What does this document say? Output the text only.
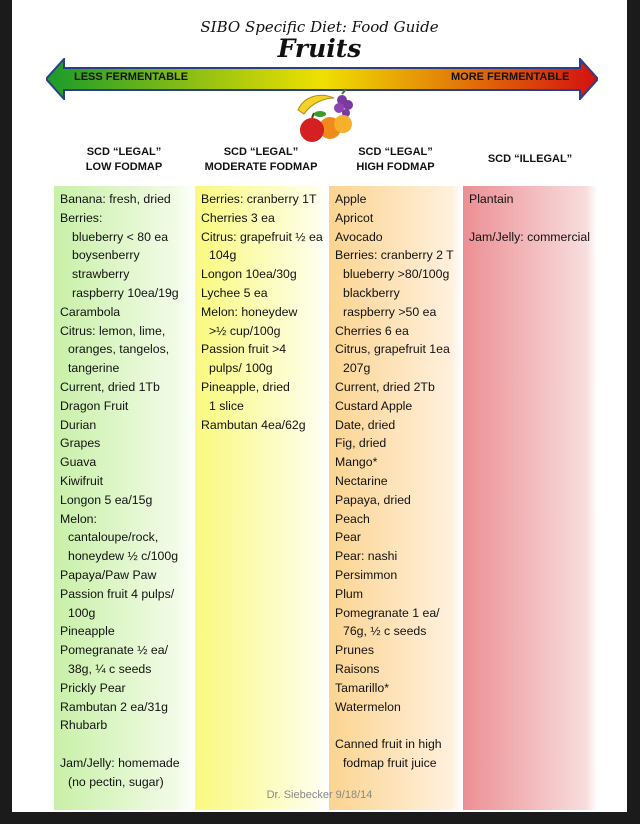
SIBO Specific Diet: Food Guide
Fruits
LESS FERMENTABLE	MORE FERMENTABLE
SCD “LEGAL”
LOW FODMAP
SCD “LEGAL”
MODERATE FODMAP
SCD “LEGAL”
HIGH FODMAP
SCD “ILLEGAL”
Banana: fresh, dried
Berries:
blueberry < 80 ea
boysenberry
strawberry
raspberry 10ea/19g
Carambola
Citrus: lemon, lime,
oranges, tangelos,
tangerine
Current, dried 1Tb
Dragon Fruit
Durian
Grapes
Guava
Kiwifruit
Longon 5 ea/15g
Melon:
cantaloupe/rock,
honeydew ½ c/100g
Papaya/Paw Paw
Passion fruit 4 pulps/
100g
Pineapple
Pomegranate ½ ea/
38g, ¼ c seeds
Prickly Pear
Rambutan 2 ea/31g
Rhubarb
Jam/Jelly: homemade
(no pectin, sugar)
Berries: cranberry 1T
Cherries 3 ea
Citrus: grapefruit ½ ea
104g
Longon 10ea/30g
Lychee 5 ea
Melon: honeydew
>½ cup/100g
Passion fruit >4
pulps/ 100g
Pineapple, dried
1 slice
Rambutan 4ea/62g
Apple
Apricot
Avocado
Berries: cranberry 2 T
blueberry >80/100g
blackberry
raspberry >50 ea
Cherries 6 ea
Citrus, grapefruit 1ea
207g
Current, dried 2Tb
Custard Apple
Date, dried
Fig, dried
Mango*
Nectarine
Papaya, dried
Peach
Pear
Pear: nashi
Persimmon
Plum
Pomegranate 1 ea/
76g, ½ c seeds
Prunes
Raisons
Tamarillo*
Watermelon
Canned fruit in high
fodmap fruit juice
Plantain
Jam/Jelly: commercial
Dr. Siebecker 9/18/14
